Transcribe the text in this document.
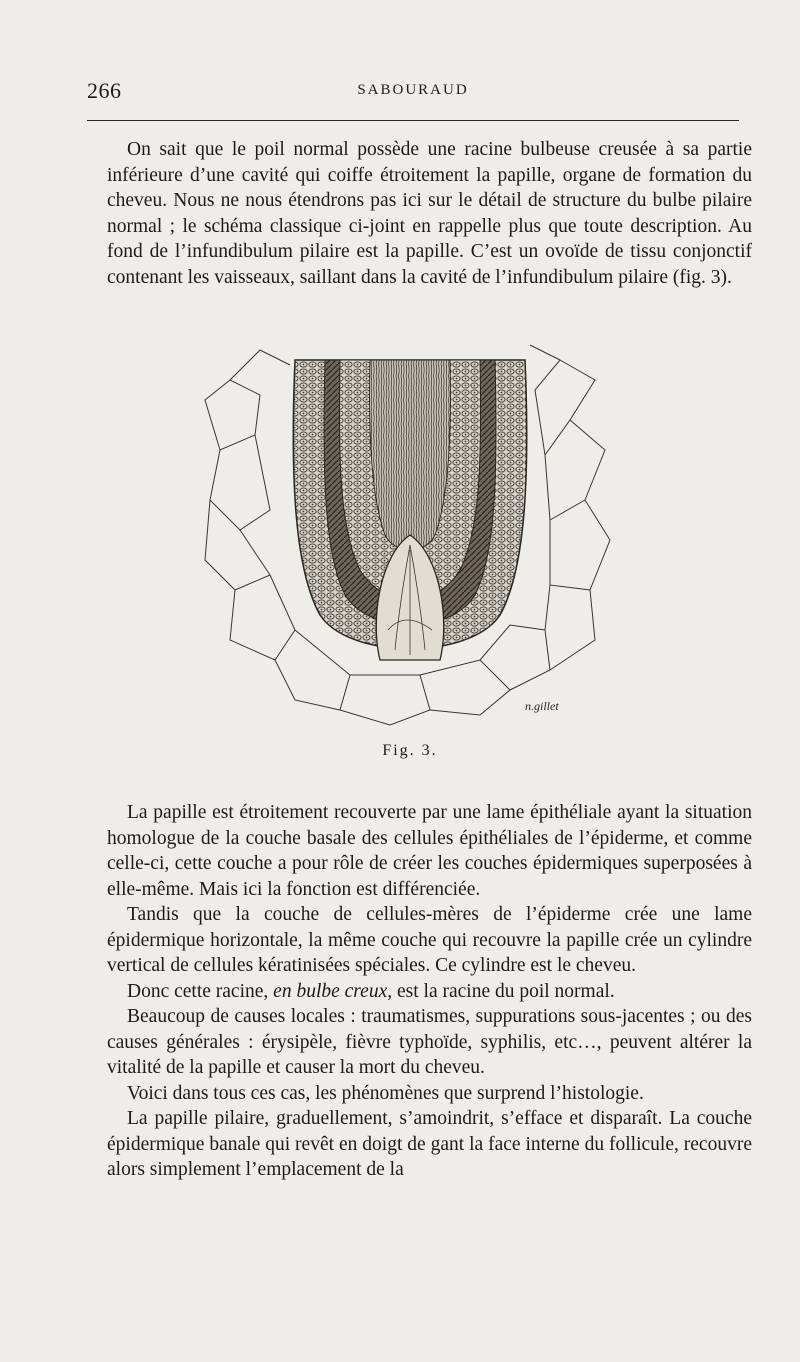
266	SABOURAUD

On sait que le poil normal possède une racine bulbeuse creusée à sa partie inférieure d’une cavité qui coiffe étroitement la papille, organe de formation du cheveu. Nous ne nous étendrons pas ici sur le détail de structure du bulbe pilaire normal ; le schéma classique ci-joint en rappelle plus que toute description. Au fond de l’infundibulum pilaire est la papille. C’est un ovoïde de tissu conjonctif contenant les vaisseaux, saillant dans la cavité de l’infundibulum pilaire (fig. 3).

n.gillet
Fig. 3.

La papille est étroitement recouverte par une lame épithéliale ayant la situation homologue de la couche basale des cellules épithéliales de l’épiderme, et comme celle-ci, cette couche a pour rôle de créer les couches épidermiques superposées à elle-même. Mais ici la fonction est différenciée.

Tandis que la couche de cellules-mères de l’épiderme crée une lame épidermique horizontale, la même couche qui recouvre la papille crée un cylindre vertical de cellules kératinisées spéciales. Ce cylindre est le cheveu.

Donc cette racine, en bulbe creux, est la racine du poil normal.

Beaucoup de causes locales : traumatismes, suppurations sous-jacentes ; ou des causes générales : érysipèle, fièvre typhoïde, syphilis, etc…, peuvent altérer la vitalité de la papille et causer la mort du cheveu.

Voici dans tous ces cas, les phénomènes que surprend l’histologie.

La papille pilaire, graduellement, s’amoindrit, s’efface et disparaît. La couche épidermique banale qui revêt en doigt de gant la face interne du follicule, recouvre alors simplement l’emplacement de la
